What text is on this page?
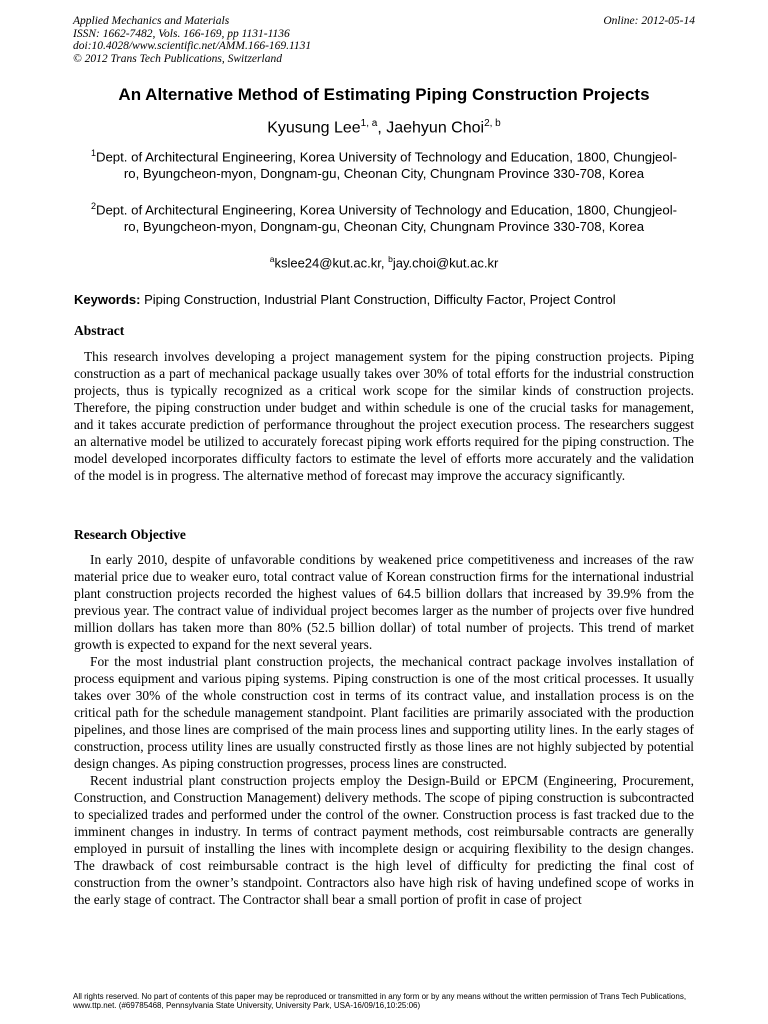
Applied Mechanics and Materials
ISSN: 1662-7482, Vols. 166-169, pp 1131-1136
doi:10.4028/www.scientific.net/AMM.166-169.1131
© 2012 Trans Tech Publications, Switzerland
Online: 2012-05-14
An Alternative Method of Estimating Piping Construction Projects
Kyusung Lee$^{1, a}$, Jaehyun Choi$^{2, b}$
$^1$Dept. of Architectural Engineering, Korea University of Technology and Education, 1800, Chungjeol-ro, Byungcheon-myon, Dongnam-gu, Cheonan City, Chungnam Province 330-708, Korea
$^2$Dept. of Architectural Engineering, Korea University of Technology and Education, 1800, Chungjeol-ro, Byungcheon-myon, Dongnam-gu, Cheonan City, Chungnam Province 330-708, Korea
$^a$kslee24@kut.ac.kr, $^b$jay.choi@kut.ac.kr
Keywords: Piping Construction, Industrial Plant Construction, Difficulty Factor, Project Control
Abstract

This research involves developing a project management system for the piping construction projects. Piping construction as a part of mechanical package usually takes over 30% of total efforts for the industrial construction projects, thus is typically recognized as a critical work scope for the similar kinds of construction projects. Therefore, the piping construction under budget and within schedule is one of the crucial tasks for management, and it takes accurate prediction of performance throughout the project execution process. The researchers suggest an alternative model be utilized to accurately forecast piping work efforts required for the piping construction. The model developed incorporates difficulty factors to estimate the level of efforts more accurately and the validation of the model is in progress. The alternative method of forecast may improve the accuracy significantly.

Research Objective

In early 2010, despite of unfavorable conditions by weakened price competitiveness and increases of the raw material price due to weaker euro, total contract value of Korean construction firms for the international industrial plant construction projects recorded the highest values of 64.5 billion dollars that increased by 39.9% from the previous year. The contract value of individual project becomes larger as the number of projects over five hundred million dollars has taken more than 80% (52.5 billion dollar) of total number of projects. This trend of market growth is expected to expand for the next several years.

For the most industrial plant construction projects, the mechanical contract package involves installation of process equipment and various piping systems. Piping construction is one of the most critical processes. It usually takes over 30% of the whole construction cost in terms of its contract value, and installation process is on the critical path for the schedule management standpoint. Plant facilities are primarily associated with the production pipelines, and those lines are comprised of the main process lines and supporting utility lines. In the early stages of construction, process utility lines are usually constructed firstly as those lines are not highly subjected by potential design changes. As piping construction progresses, process lines are constructed.

Recent industrial plant construction projects employ the Design-Build or EPCM (Engineering, Procurement, Construction, and Construction Management) delivery methods. The scope of piping construction is subcontracted to specialized trades and performed under the control of the owner. Construction process is fast tracked due to the imminent changes in industry. In terms of contract payment methods, cost reimbursable contracts are generally employed in pursuit of installing the lines with incomplete design or acquiring flexibility to the design changes. The drawback of cost reimbursable contract is the high level of difficulty for predicting the final cost of construction from the owner’s standpoint. Contractors also have high risk of having undefined scope of works in the early stage of contract. The Contractor shall bear a small portion of profit in case of project

All rights reserved. No part of contents of this paper may be reproduced or transmitted in any form or by any means without the written permission of Trans Tech Publications, www.ttp.net. (#69785468, Pennsylvania State University, University Park, USA-16/09/16,10:25:06)
